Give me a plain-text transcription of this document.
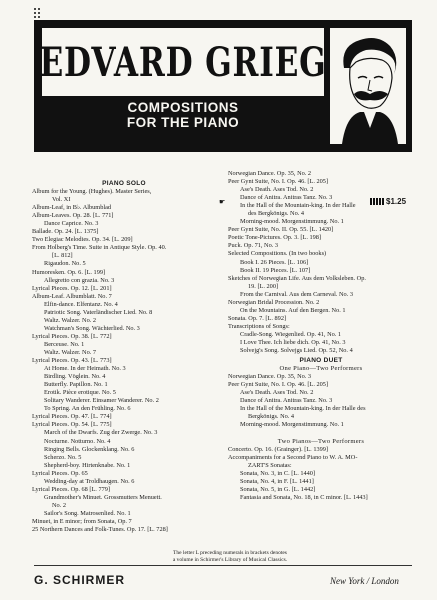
EDVARD GRIEG
COMPOSITIONS
FOR THE PIANO
PIANO SOLO
Album for the Young. (Hughes). Master Series,
Vol. XI
Album-Leaf, in B♭. Albumblad
Album-Leaves. Op. 28. [L. 771]
Dance Caprice. No. 3
Ballade. Op. 24. [L. 1375]
Two Elegiac Melodies. Op. 34. [L. 209]
From Holberg's Time. Suite in Antique Style. Op. 40.
[L. 812]
Rigaudon. No. 5
Humoresken. Op. 6. [L. 199]
Allegretto con grazia. No. 3
Lyrical Pieces. Op. 12. [L. 201]
Album-Leaf. Albumblatt. No. 7
Elfin-dance. Elfentanz. No. 4
Patriotic Song. Vaterländischer Lied. No. 8
Waltz. Walzer. No. 2
Watchman's Song. Wächterlied. No. 3
Lyrical Pieces. Op. 38. [L. 772]
Berceuse. No. 1
Waltz. Walzer. No. 7
Lyrical Pieces. Op. 43. [L. 773]
At Home. In der Heimath. No. 3
Birdling. Vöglein. No. 4
Butterfly. Papillon. No. 1
Erotik. Pièce erotique. No. 5
Solitary Wanderer. Einsamer Wanderer. No. 2
To Spring. An den Frühling. No. 6
Lyrical Pieces. Op. 47. [L. 774]
Lyrical Pieces. Op. 54. [L. 775]
March of the Dwarfs. Zug der Zwerge. No. 3
Nocturne. Notturno. No. 4
Ringing Bells. Glockenklang. No. 6
Scherzo. No. 5
Shepherd-boy. Hirtenknabe. No. 1
Lyrical Pieces. Op. 65
Wedding-day at Troldhaugen. No. 6
Lyrical Pieces. Op. 68 [L. 779]
Grandmother's Minuet. Grossmutters Menuett.
No. 2
Sailor's Song. Matrosenlied. No. 1
Minuet, in E minor; from Sonata, Op. 7
25 Northern Dances and Folk-Tunes. Op. 17. [L. 728]
☛	$1.25
Norwegian Dance. Op. 35, No. 2
Peer Gynt Suite, No. I. Op. 46. [L. 205]
Ase's Death. Ases Tod. No. 2
Dance of Anitra. Anitras Tanz. No. 3
In the Hall of the Mountain-king. In der Halle
des Bergkönigs. No. 4
Morning-mood. Morgenstimmung. No. 1
Peer Gynt Suite, No. II. Op. 55. [L. 1420]
Poetic Tone-Pictures. Op. 3. [L. 198]
Puck. Op. 71, No. 3
Selected Compositions. (In two books)
Book I. 26 Pieces. [L. 106]
Book II. 19 Pieces. [L. 107]
Sketches of Norwegian Life. Aus dem Volksleben. Op.
19. [L. 200]
From the Carnival. Aus dem Carneval. No. 3
Norwegian Bridal Procession. No. 2
On the Mountains. Auf den Bergen. No. 1
Sonata. Op. 7. [L. 892]
Transcriptions of Songs:
Cradle-Song. Wiegenlied. Op. 41, No. 1
I Love Thee. Ich liebe dich. Op. 41, No. 3
Solvejg's Song. Solvejgs Lied. Op. 52, No. 4
PIANO DUET
One Piano—Two Performers
Norwegian Dance. Op. 35, No. 3
Peer Gynt Suite, No. I. Op. 46. [L. 205]
Ase's Death. Ases Tod. No. 2
Dance of Anitra. Anitras Tanz. No. 3
In the Hall of the Mountain-king. In der Halle des
Bergkönigs. No. 4
Morning-mood. Morgenstimmung. No. 1
Two Pianos—Two Performers
Concerto. Op. 16. (Grainger). [L. 1399]
Accompaniments for a Second Piano to W. A. MO-
ZART'S Sonatas:
Sonata, No. 3, in C. [L. 1440]
Sonata, No. 4, in F. [L. 1441]
Sonata, No. 5, in G. [L. 1442]
Fantasia and Sonata, No. 18, in C minor. [L. 1443]
The letter L preceding numerals in brackets denotes
a volume in Schirmer's Library of Musical Classics.
G. SCHIRMER	New York / London
